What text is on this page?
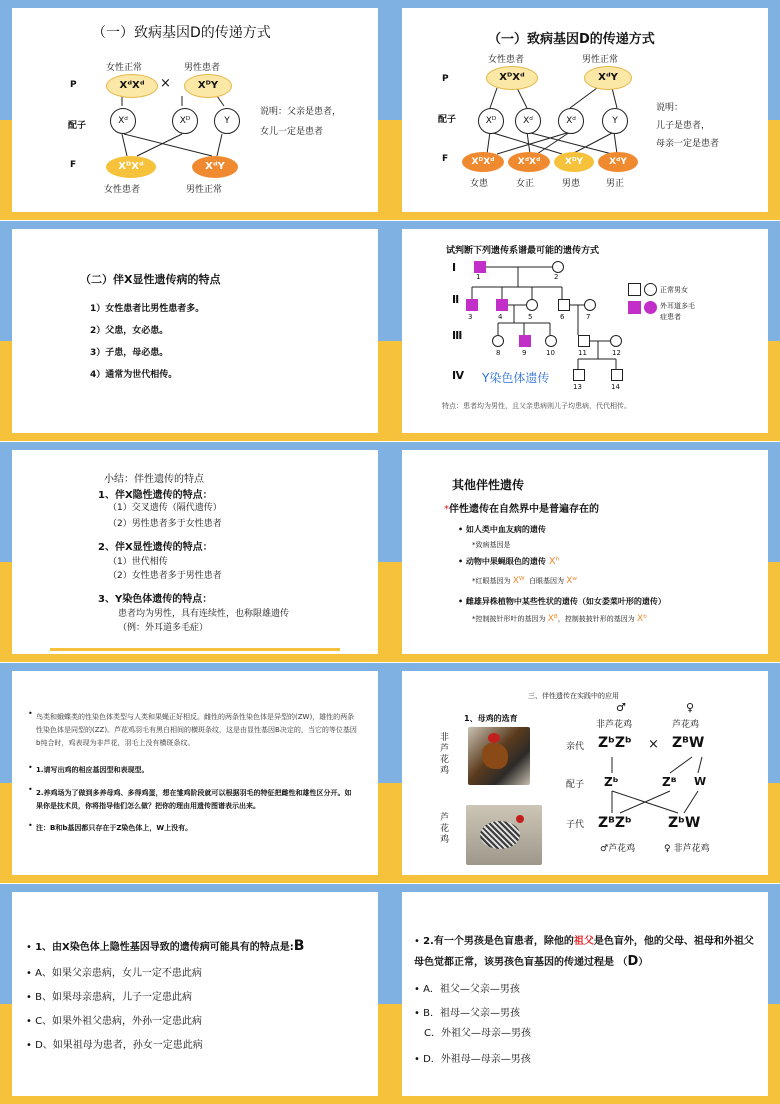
（一）致病基因D的传递方式
P
配子
F
女性正常	男性患者
XᵈXᵈ	×	XᴰY
Xᵈ	Xᴰ	Y
XᴰXᵈ	XᵈY
女性患者	男性正常
说明：父亲是患者，
女儿一定是患者
（一）致病基因D的传递方式
P
配子
F
女性患者	男性正常
XᴰXᵈ	XᵈY
Xᴰ	Xᵈ	Xᵈ	Y
XᴰXᵈ	XᵈXᵈ	XᴰY	XᵈY
女患	女正	男患	男正
说明：
儿子是患者，
母亲一定是患者
（二）伴X显性遗传病的特点
1）女性患者比男性患者多。
2）父患，女必患。
3）子患，母必患。
4）通常为世代相传。
试判断下列遗传系谱最可能的遗传方式
Ⅰ
Ⅱ
Ⅲ
Ⅳ
1	2
3	4	5	6	7
8	9	10	11	12
13	14
Y染色体遗传
正常男女
外耳道多毛
症患者
特点：患者均为男性，且父亲患病则儿子均患病，代代相传。
小结：伴性遗传的特点
1、伴X隐性遗传的特点：
（1）交叉遗传（隔代遗传）
（2）男性患者多于女性患者
2、伴X显性遗传的特点：
（1）世代相传
（2）女性患者多于男性患者
3、Y染色体遗传的特点：
患者均为男性，具有连续性，也称限雄遗传
（例：外耳道多毛症）
其他伴性遗传
*伴性遗传在自然界中是普遍存在的
• 如人类中血友病的遗传
*致病基因是
• 动物中果蝇眼色的遗传 Xʰ
*红眼基因为 Xᵂ 白眼基因为 Xʷ
• 雌雄异株植物中某些性状的遗传（如女娄菜叶形的遗传）
*控制披针形叶的基因为 Xᴮ，控制披披针形的基因为 Xᵇ
• 鸟类和蛾蝶类的性染色体类型与人类和果蝇正好相反。雌性的两条性染色体是异型的(ZW)，雄性的两条性染色体是同型的(ZZ)。芦花鸡羽毛有黑白相间的横斑条纹，这是由显性基因B决定的，当它的等位基因b纯合时，鸡表现为非芦花，羽毛上没有横斑条纹。
• 1.请写出鸡的相应基因型和表现型。
• 2.养鸡场为了做到多养母鸡、多得鸡蛋，想在雏鸡阶段就可以根据羽毛的特征把雌性和雄性区分开。如果你是技术员，你将指导他们怎么做？把你的理由用遗传图谱表示出来。
• 注：B和b基因都只存在于Z染色体上，W上没有。
三、伴性遗传在实践中的应用
1、母鸡的选育
非芦花鸡
芦花鸡
♂	♀
非芦花鸡	芦花鸡
亲代
配子
子代
ZᵇZᵇ × ZᴮW
Zᵇ	Zᴮ W
ZᴮZᵇ	ZᵇW
♂芦花鸡	♀ 非芦花鸡
• 1、由X染色体上隐性基因导致的遗传病可能具有的特点是:B
• A、如果父亲患病，女儿一定不患此病
• B、如果母亲患病，儿子一定患此病
• C、如果外祖父患病，外孙一定患此病
• D、如果祖母为患者，孙女一定患此病
• 2.有一个男孩是色盲患者，除他的祖父是色盲外，他的父母、祖母和外祖父母色觉都正常，该男孩色盲基因的传递过程是 （D）
• A．祖父—父亲—男孩
• B．祖母—父亲—男孩
C．外祖父—母亲—男孩
• D．外祖母—母亲—男孩
